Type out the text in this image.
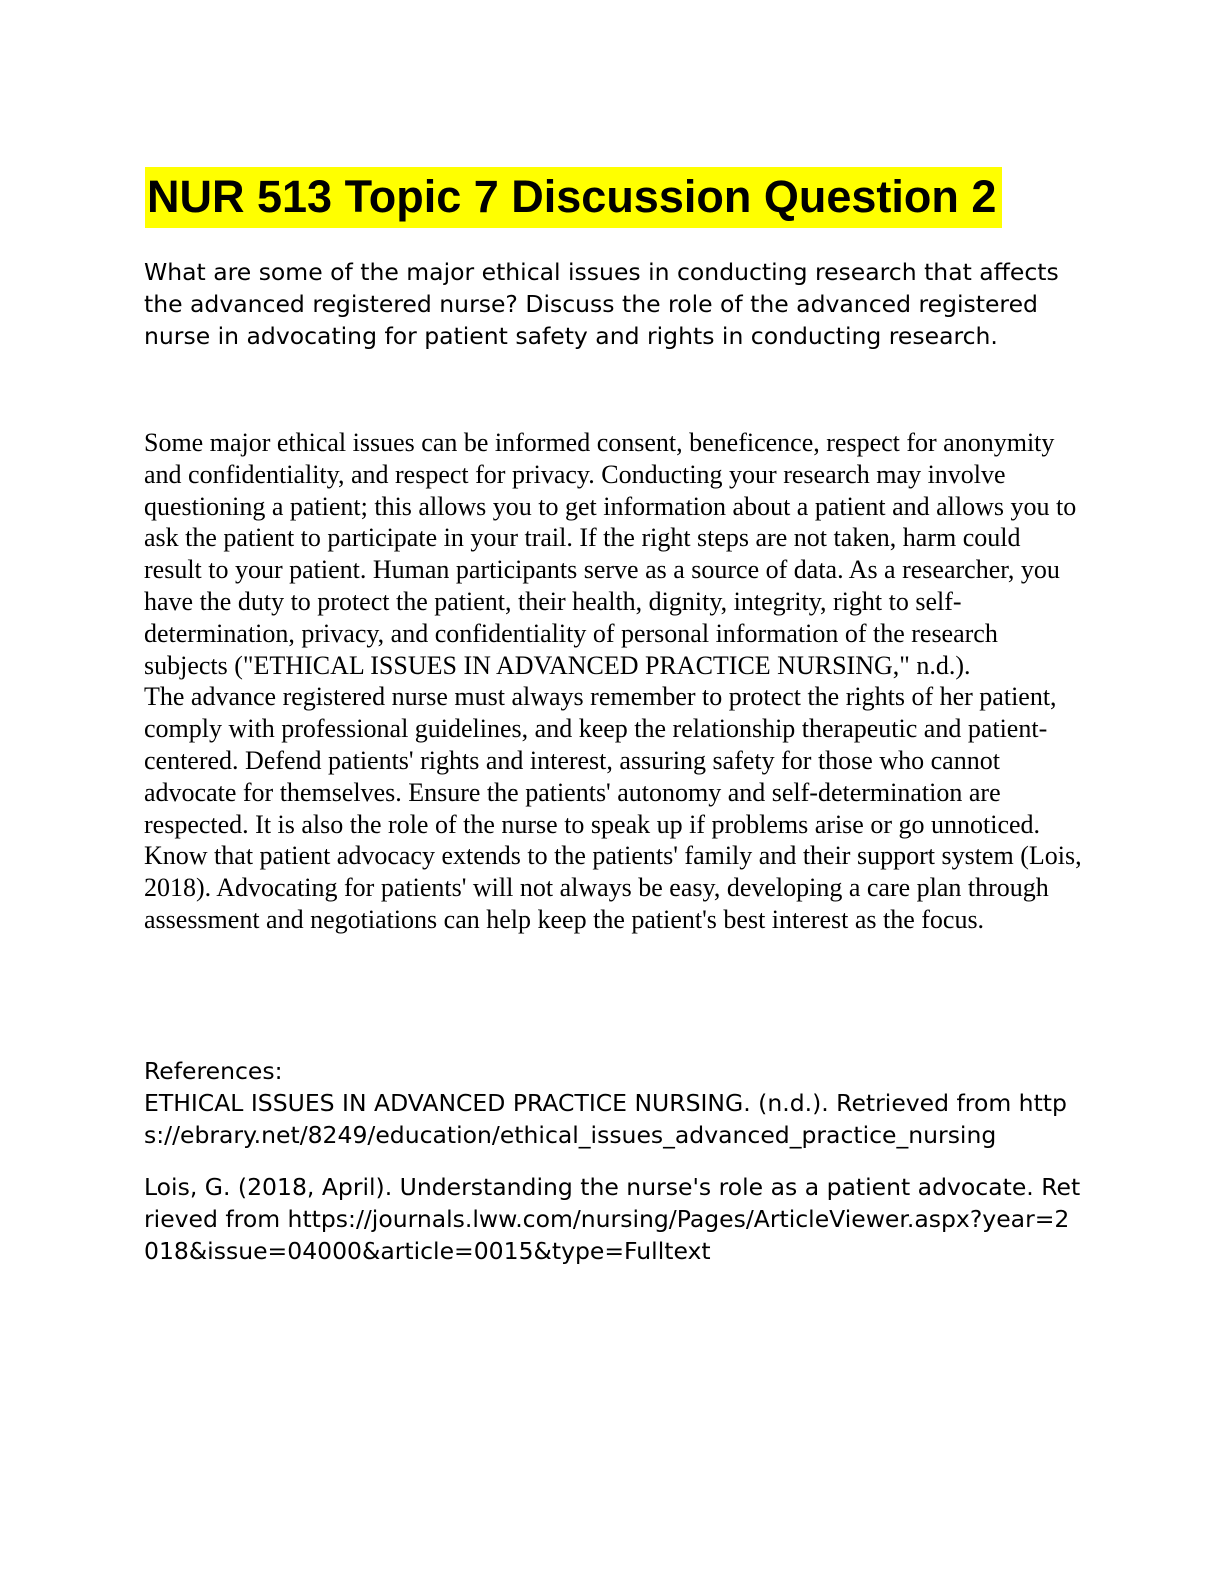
NUR 513 Topic 7 Discussion Question 2

What are some of the major ethical issues in conducting research that affects the advanced registered nurse? Discuss the role of the advanced registered nurse in advocating for patient safety and rights in conducting research.

Some major ethical issues can be informed consent, beneficence, respect for anonymity and confidentiality, and respect for privacy. Conducting your research may involve questioning a patient; this allows you to get information about a patient and allows you to ask the patient to participate in your trail. If the right steps are not taken, harm could result to your patient. Human participants serve as a source of data. As a researcher, you have the duty to protect the patient, their health, dignity, integrity, right to self-determination, privacy, and confidentiality of personal information of the research subjects ("ETHICAL ISSUES IN ADVANCED PRACTICE NURSING," n.d.).

The advance registered nurse must always remember to protect the rights of her patient, comply with professional guidelines, and keep the relationship therapeutic and patient-centered. Defend patients' rights and interest, assuring safety for those who cannot advocate for themselves. Ensure the patients' autonomy and self-determination are respected. It is also the role of the nurse to speak up if problems arise or go unnoticed. Know that patient advocacy extends to the patients' family and their support system (Lois, 2018). Advocating for patients' will not always be easy, developing a care plan through assessment and negotiations can help keep the patient's best interest as the focus.

References:

ETHICAL ISSUES IN ADVANCED PRACTICE NURSING. (n.d.). Retrieved from https://ebrary.net/8249/education/ethical_issues_advanced_practice_nursing

Lois, G. (2018, April). Understanding the nurse's role as a patient advocate. Retrieved from https://journals.lww.com/nursing/Pages/ArticleViewer.aspx?year=2018&issue=04000&article=0015&type=Fulltext
